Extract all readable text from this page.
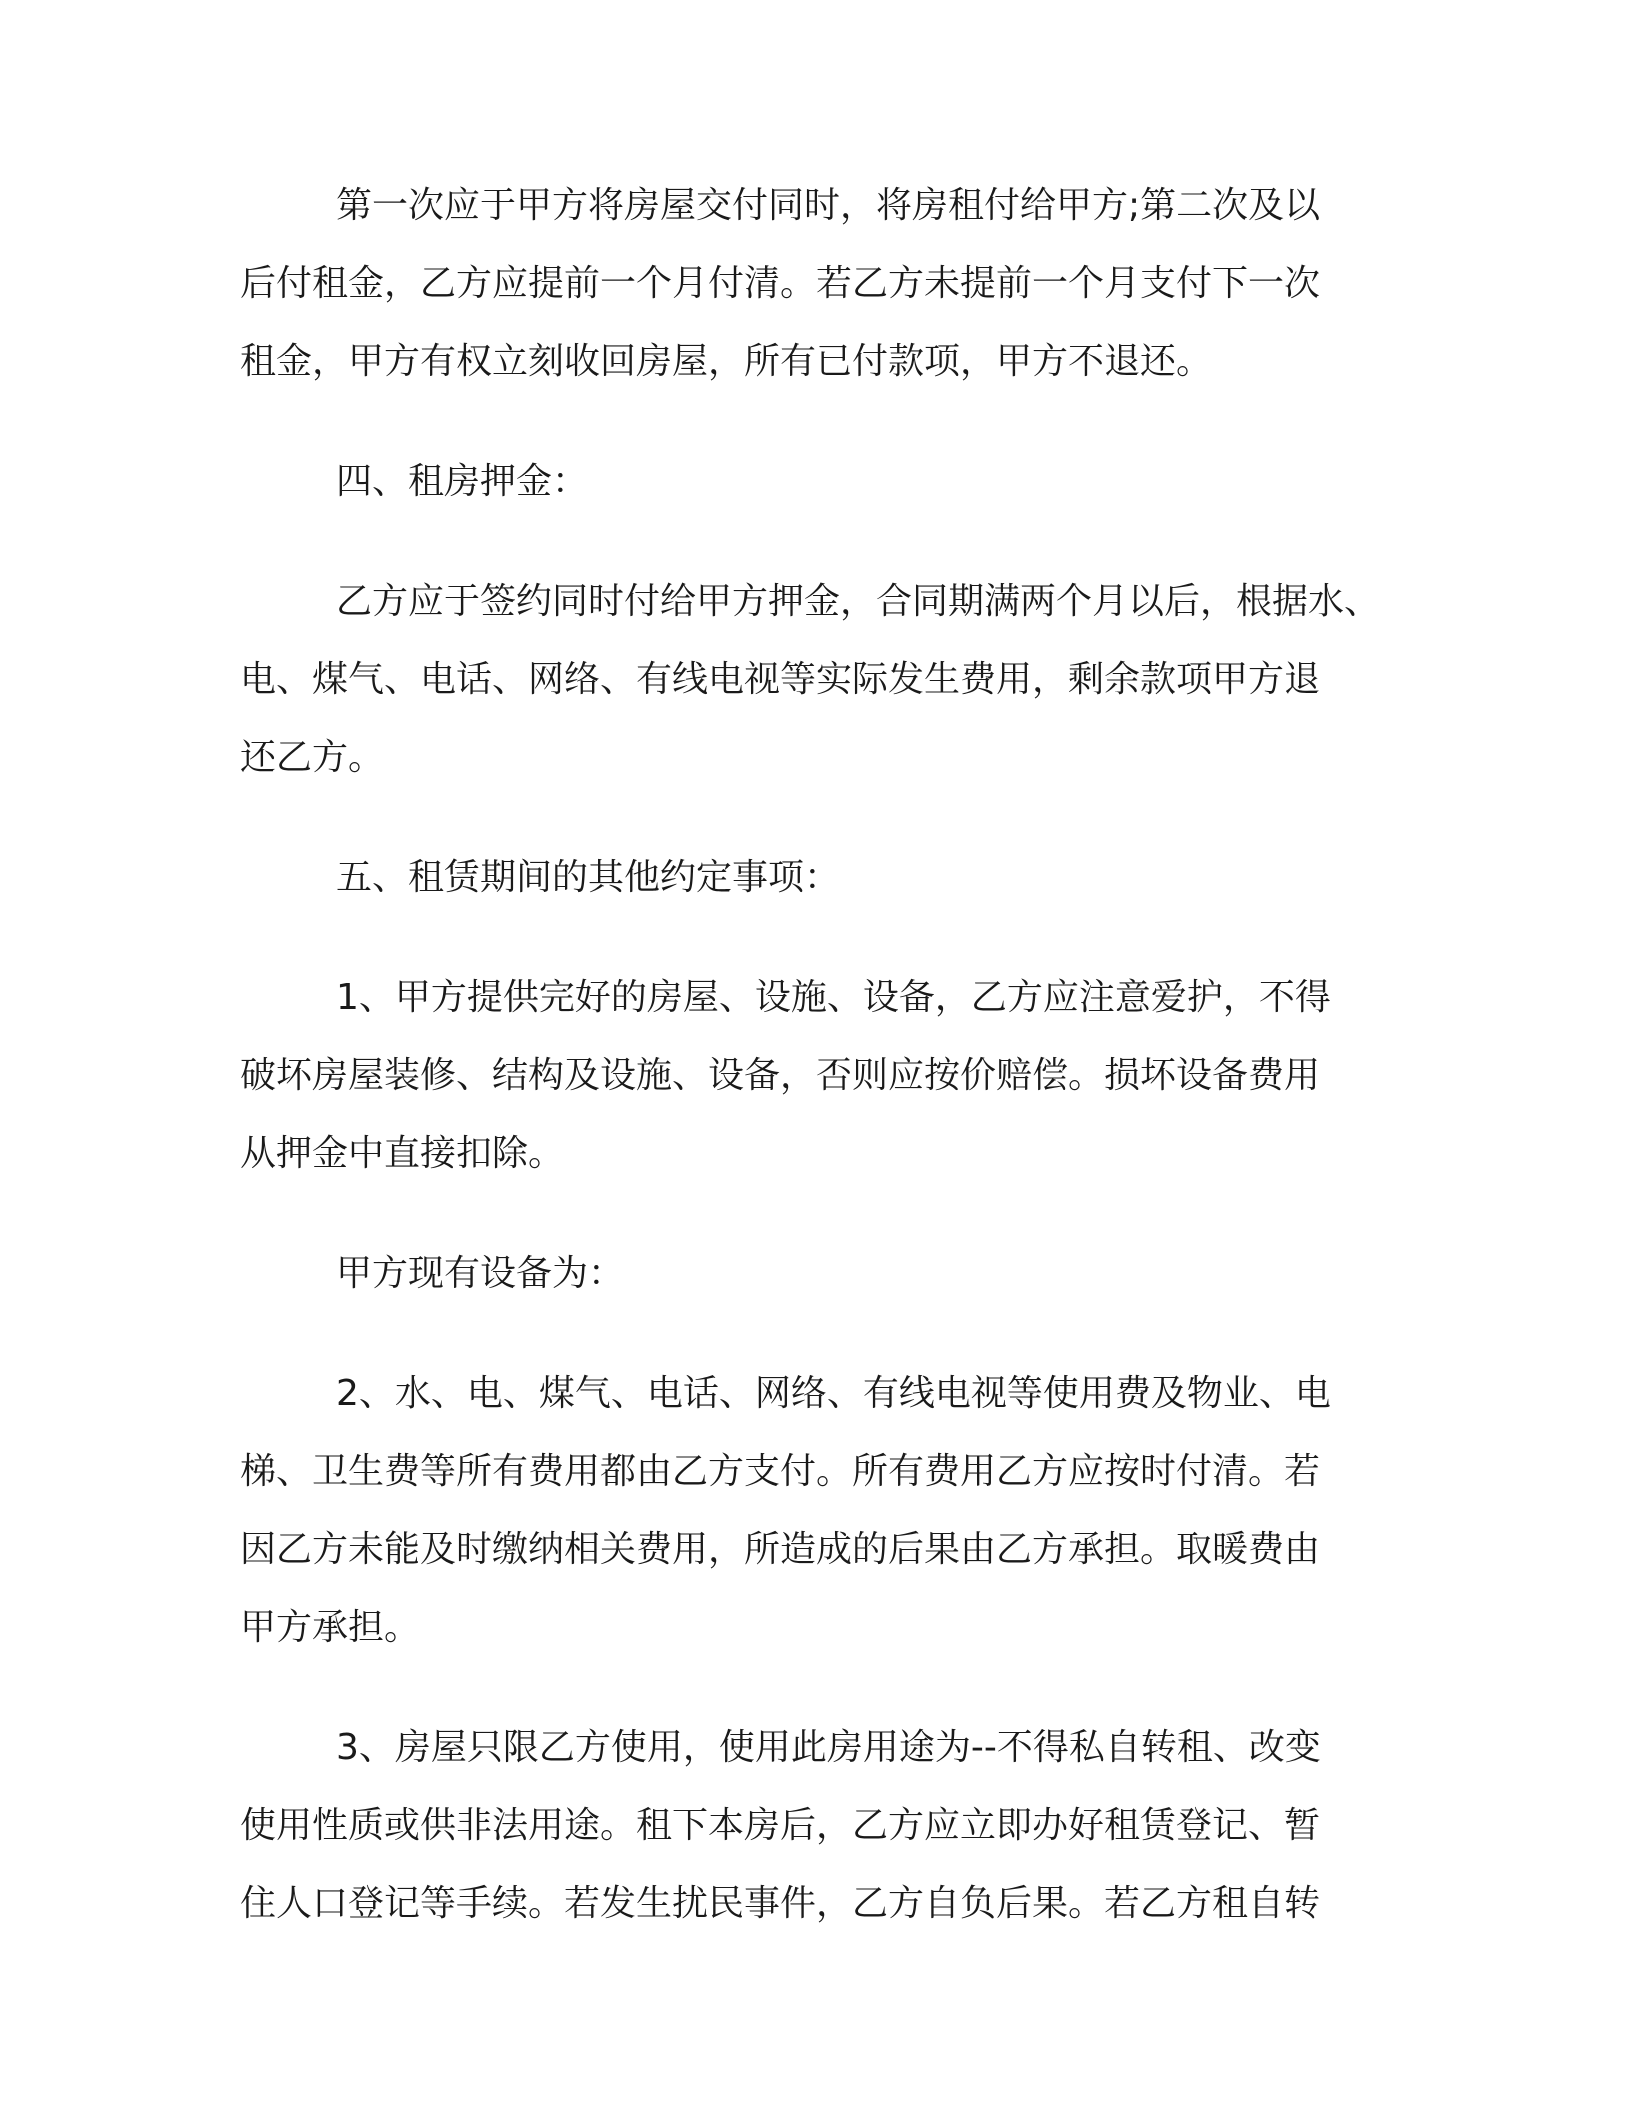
第一次应于甲方将房屋交付同时，将房租付给甲方;第二次及以
后付租金，乙方应提前一个月付清。若乙方未提前一个月支付下一次
租金，甲方有权立刻收回房屋，所有已付款项，甲方不退还。
四、租房押金：
乙方应于签约同时付给甲方押金，合同期满两个月以后，根据水、
电、煤气、电话、网络、有线电视等实际发生费用，剩余款项甲方退
还乙方。
五、租赁期间的其他约定事项：
1、甲方提供完好的房屋、设施、设备，乙方应注意爱护，不得
破坏房屋装修、结构及设施、设备，否则应按价赔偿。损坏设备费用
从押金中直接扣除。
甲方现有设备为：
2、水、电、煤气、电话、网络、有线电视等使用费及物业、电
梯、卫生费等所有费用都由乙方支付。所有费用乙方应按时付清。若
因乙方未能及时缴纳相关费用，所造成的后果由乙方承担。取暖费由
甲方承担。
3、房屋只限乙方使用，使用此房用途为--不得私自转租、改变
使用性质或供非法用途。租下本房后，乙方应立即办好租赁登记、暂
住人口登记等手续。若发生扰民事件，乙方自负后果。若乙方租自转
